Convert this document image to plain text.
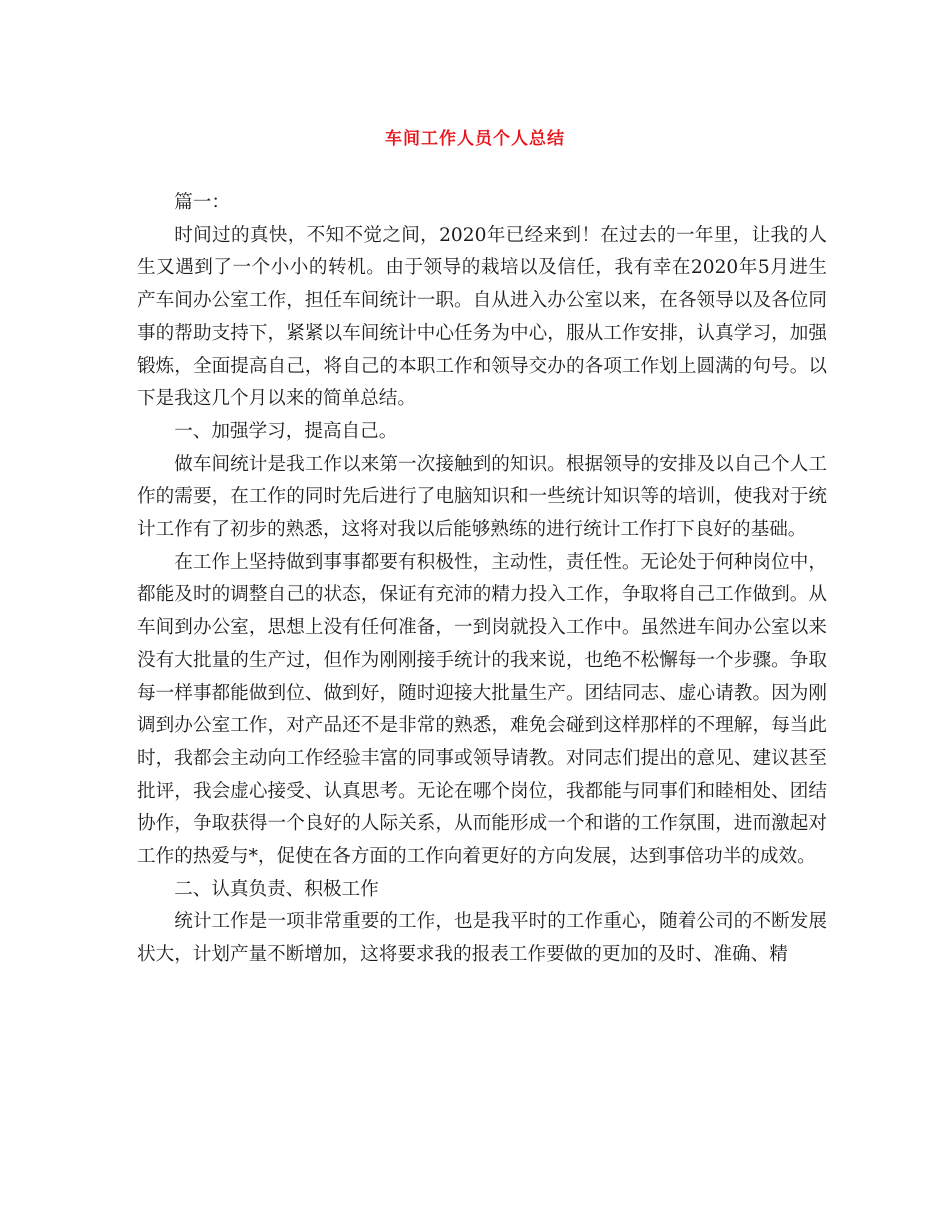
车间工作人员个人总结

篇一：

时间过的真快，不知不觉之间，2020年已经来到！在过去的一年里，让我的人生又遇到了一个小小的转机。由于领导的栽培以及信任，我有幸在2020年5月进生产车间办公室工作，担任车间统计一职。自从进入办公室以来，在各领导以及各位同事的帮助支持下，紧紧以车间统计中心任务为中心，服从工作安排，认真学习，加强锻炼，全面提高自己，将自己的本职工作和领导交办的各项工作划上圆满的句号。以下是我这几个月以来的简单总结。

一、加强学习，提高自己。

做车间统计是我工作以来第一次接触到的知识。根据领导的安排及以自己个人工作的需要，在工作的同时先后进行了电脑知识和一些统计知识等的培训，使我对于统计工作有了初步的熟悉，这将对我以后能够熟练的进行统计工作打下良好的基础。

在工作上坚持做到事事都要有积极性，主动性，责任性。无论处于何种岗位中，都能及时的调整自己的状态，保证有充沛的精力投入工作，争取将自己工作做到。从车间到办公室，思想上没有任何准备，一到岗就投入工作中。虽然进车间办公室以来没有大批量的生产过，但作为刚刚接手统计的我来说，也绝不松懈每一个步骤。争取每一样事都能做到位、做到好，随时迎接大批量生产。团结同志、虚心请教。因为刚调到办公室工作，对产品还不是非常的熟悉，难免会碰到这样那样的不理解，每当此时，我都会主动向工作经验丰富的同事或领导请教。对同志们提出的意见、建议甚至批评，我会虚心接受、认真思考。无论在哪个岗位，我都能与同事们和睦相处、团结协作，争取获得一个良好的人际关系，从而能形成一个和谐的工作氛围，进而激起对工作的热爱与*，促使在各方面的工作向着更好的方向发展，达到事倍功半的成效。

二、认真负责、积极工作

统计工作是一项非常重要的工作，也是我平时的工作重心，随着公司的不断发展状大，计划产量不断增加，这将要求我的报表工作要做的更加的及时、准确、精
